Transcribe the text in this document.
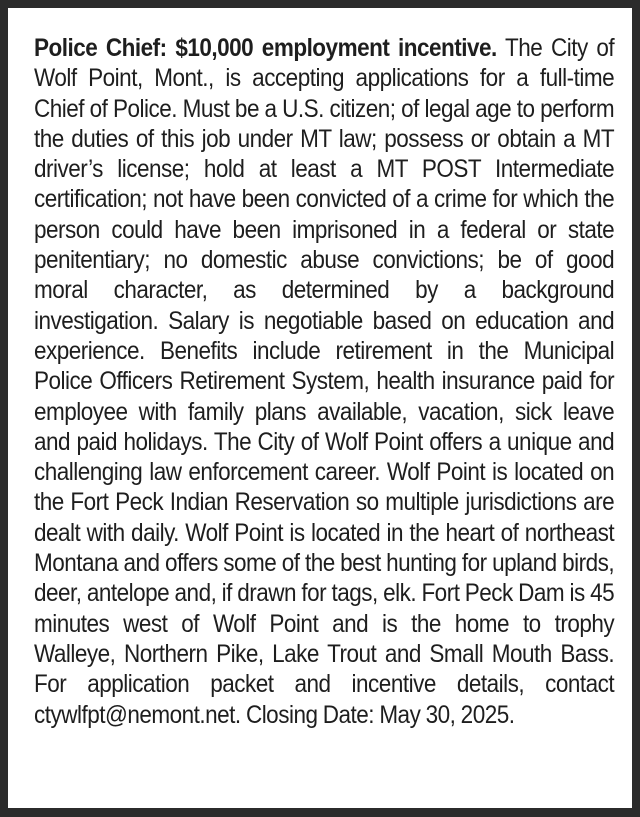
Police Chief: $10,000 employment incentive. The City of Wolf Point, Mont., is accepting applications for a full-time Chief of Police. Must be a U.S. citizen; of legal age to perform the duties of this job under MT law; possess or obtain a MT driver’s license; hold at least a MT POST Intermediate certification; not have been convicted of a crime for which the person could have been imprisoned in a federal or state penitentiary; no domestic abuse convictions; be of good moral character, as determined by a background investigation. Salary is negotiable based on education and experience. Benefits include retirement in the Municipal Police Officers Retirement System, health insurance paid for employee with family plans available, vacation, sick leave and paid holidays. The City of Wolf Point offers a unique and challenging law enforcement career. Wolf Point is located on the Fort Peck Indian Reservation so multiple jurisdictions are dealt with daily. Wolf Point is located in the heart of northeast Montana and offers some of the best hunting for upland birds, deer, antelope and, if drawn for tags, elk. Fort Peck Dam is 45 minutes west of Wolf Point and is the home to trophy Walleye, Northern Pike, Lake Trout and Small Mouth Bass. For application packet and incentive details, contact ctywlfpt@nemont.net. Closing Date: May 30, 2025.
